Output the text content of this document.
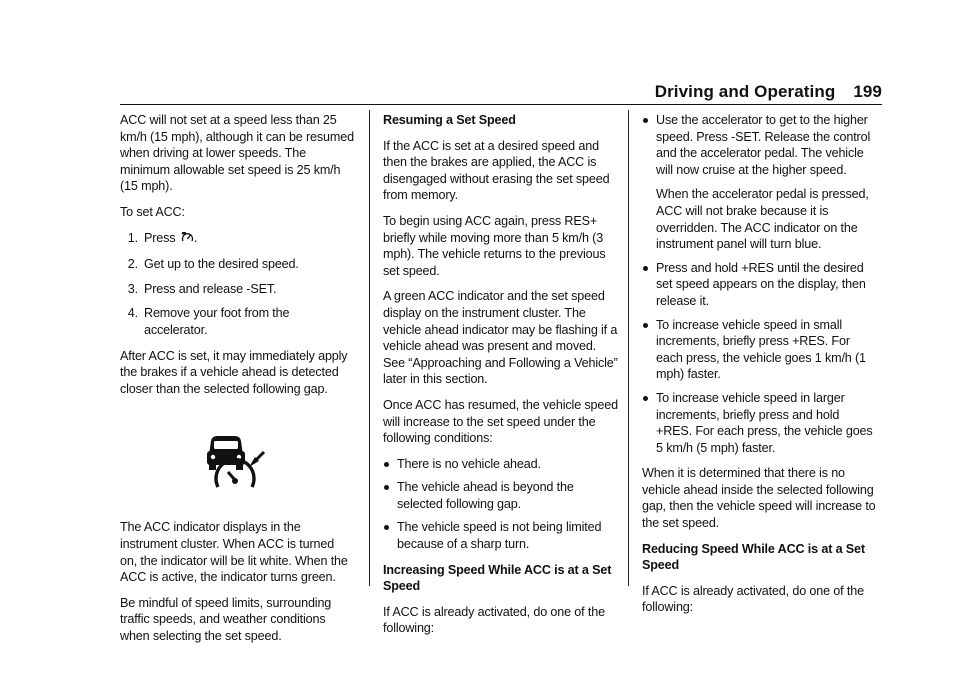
Driving and Operating 199

ACC will not set at a speed less than 25 km/h (15 mph), although it can be resumed when driving at lower speeds. The minimum allowable set speed is 25 km/h (15 mph).

To set ACC:

1. Press .
2. Get up to the desired speed.
3. Press and release -SET.
4. Remove your foot from the accelerator.

After ACC is set, it may immediately apply the brakes if a vehicle ahead is detected closer than the selected following gap.

The ACC indicator displays in the instrument cluster. When ACC is turned on, the indicator will be lit white. When the ACC is active, the indicator turns green.

Be mindful of speed limits, surrounding traffic speeds, and weather conditions when selecting the set speed.

Resuming a Set Speed

If the ACC is set at a desired speed and then the brakes are applied, the ACC is disengaged without erasing the set speed from memory.

To begin using ACC again, press RES+ briefly while moving more than 5 km/h (3 mph). The vehicle returns to the previous set speed.

A green ACC indicator and the set speed display on the instrument cluster. The vehicle ahead indicator may be flashing if a vehicle ahead was present and moved. See “Approaching and Following a Vehicle” later in this section.

Once ACC has resumed, the vehicle speed will increase to the set speed under the following conditions:

There is no vehicle ahead.
The vehicle ahead is beyond the selected following gap.
The vehicle speed is not being limited because of a sharp turn.

Increasing Speed While ACC is at a Set Speed

If ACC is already activated, do one of the following:

Use the accelerator to get to the higher speed. Press -SET. Release the control and the accelerator pedal. The vehicle will now cruise at the higher speed.
When the accelerator pedal is pressed, ACC will not brake because it is overridden. The ACC indicator on the instrument panel will turn blue.
Press and hold +RES until the desired set speed appears on the display, then release it.
To increase vehicle speed in small increments, briefly press +RES. For each press, the vehicle goes 1 km/h (1 mph) faster.
To increase vehicle speed in larger increments, briefly press and hold +RES. For each press, the vehicle goes 5 km/h (5 mph) faster.

When it is determined that there is no vehicle ahead inside the selected following gap, then the vehicle speed will increase to the set speed.

Reducing Speed While ACC is at a Set Speed

If ACC is already activated, do one of the following:
